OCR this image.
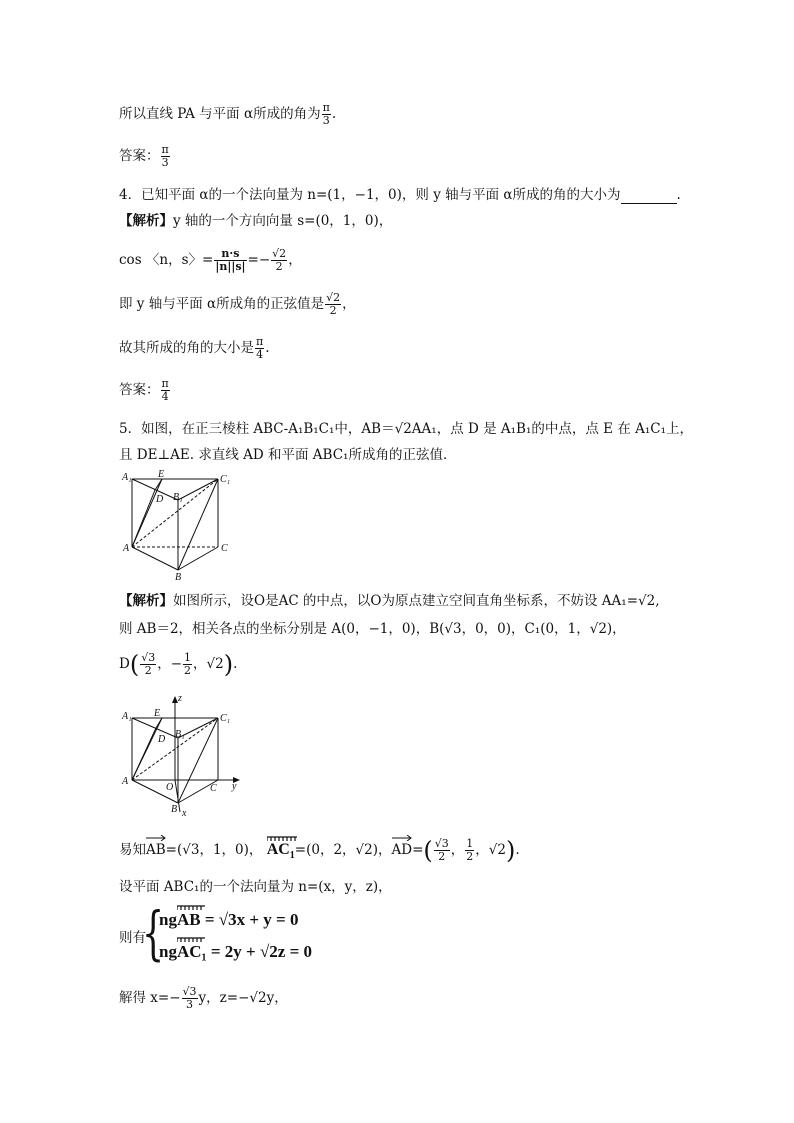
所以直线 PA 与平面 α所成的角为 $\frac{\pi}{3}$ .
答案： $\frac{\pi}{3}$
4．已知平面 α的一个法向量为 n=(1，−1，0)，则 y 轴与平面 α所成的角的大小为	.
【解析】y 轴的一个方向向量 s=(0，1，0)，
cos 〈n，s〉= $\frac{n\cdot s}{|n||s|} =- \frac{√2}{2}$ ，
即 y 轴与平面 α所成角的正弦值是 $\frac{√2}{2}$ ，
故其所成的角的大小是 $\frac{\pi}{4}$ .
答案： $\frac{\pi}{4}$
5．如图，在正三棱柱 ABC-A₁B₁C₁中，AB＝√2AA₁，点 D 是 A₁B₁的中点，点 E 在 A₁C₁上，
且 DE⊥AE. 求直线 AD 和平面 ABC₁所成角的正弦值．
A₁	E	C₁
D B₁
A	C
B
【解析】如图所示，设O是AC 的中点，以O为原点建立空间直角坐标系，不妨设 AA₁=√2,
则 AB＝2，相关各点的坐标分别是 A(0，−1，0)，B(√3，0，0)，C₁(0，1，√2)，
$D( \frac{√3}{2}$ ，− $\frac{1}{2}$ ，√2).
z
A₁ E	C₁
B₁
D
A
O	C y
B x
易知
AB=(√3，1，0)， $AC_1=(0$，2，√2)，
$AD=( \frac{√3}{2}$ ， $\frac{1}{2}$ ，√2).
设平面 ABC₁的一个法向量为 n=(x，y，z)，
则有
{
ngAB = √3x + y = 0
ngAC₁ = 2y + √2z = 0
解得 $x=- \frac{√3}{3}$ y，z=−√2y，
